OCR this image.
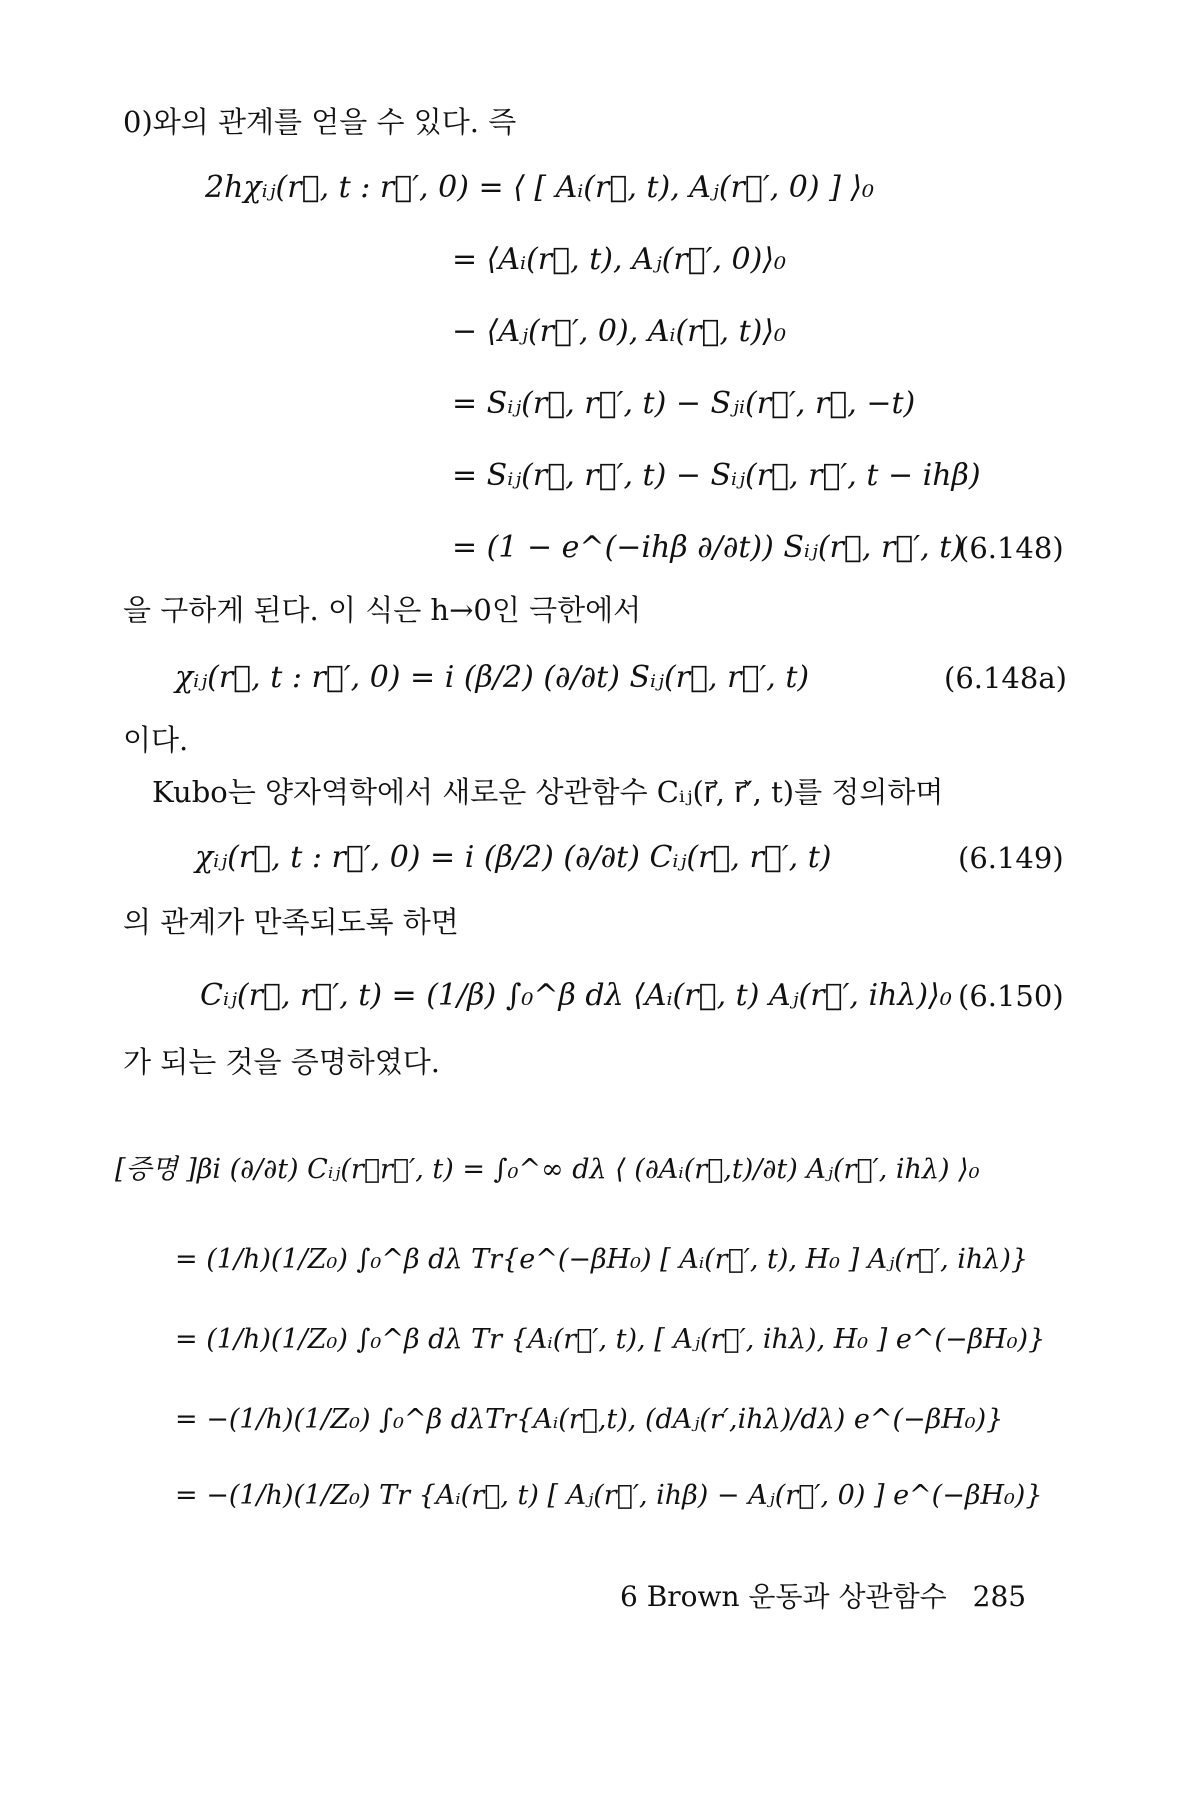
0)와의 관계를 얻을 수 있다. 즉
2hχᵢⱼ(r⃗, t : r⃗′, 0) = ⟨ [ Aᵢ(r⃗, t), Aⱼ(r⃗′, 0) ] ⟩₀
= ⟨Aᵢ(r⃗, t), Aⱼ(r⃗′, 0)⟩₀
− ⟨Aⱼ(r⃗′, 0), Aᵢ(r⃗, t)⟩₀
= Sᵢⱼ(r⃗, r⃗′, t) − Sⱼᵢ(r⃗′, r⃗, −t)
= Sᵢⱼ(r⃗, r⃗′, t) − Sᵢⱼ(r⃗, r⃗′, t − ihβ)
= (1 − e^(−ihβ ∂/∂t)) Sᵢⱼ(r⃗, r⃗′, t)
(6.148)
을 구하게 된다. 이 식은 h→0인 극한에서
χᵢⱼ(r⃗, t : r⃗′, 0) = i (β/2) (∂/∂t) Sᵢⱼ(r⃗, r⃗′, t)	(6.148a)
이다.
Kubo는 양자역학에서 새로운 상관함수 Cᵢⱼ(r⃗, r⃗′, t)를 정의하며
χᵢⱼ(r⃗, t : r⃗′, 0) = i (β/2) (∂/∂t) Cᵢⱼ(r⃗, r⃗′, t)	(6.149)
의 관계가 만족되도록 하면
Cᵢⱼ(r⃗, r⃗′, t) = (1/β) ∫₀^β dλ ⟨Aᵢ(r⃗, t) Aⱼ(r⃗′, ihλ)⟩₀ (6.150)
가 되는 것을 증명하였다.
[증명 ]βi (∂/∂t) Cᵢⱼ(r⃗r⃗′, t) = ∫₀^∞ dλ ⟨ (∂Aᵢ(r⃗,t)/∂t) Aⱼ(r⃗′, ihλ) ⟩₀
= (1/h)(1/Z₀) ∫₀^β dλ Tr{e^(−βH₀) [ Aᵢ(r⃗′, t), H₀ ] Aⱼ(r⃗′, ihλ)}
= (1/h)(1/Z₀) ∫₀^β dλ Tr {Aᵢ(r⃗′, t), [ Aⱼ(r⃗′, ihλ), H₀ ] e^(−βH₀)}
= −(1/h)(1/Z₀) ∫₀^β dλTr{Aᵢ(r⃗,t), (dAⱼ(r′,ihλ)/dλ) e^(−βH₀)}
= −(1/h)(1/Z₀) Tr {Aᵢ(r⃗, t) [ Aⱼ(r⃗′, ihβ) − Aⱼ(r⃗′, 0) ] e^(−βH₀)}
6 Brown 운동과 상관함수 285
